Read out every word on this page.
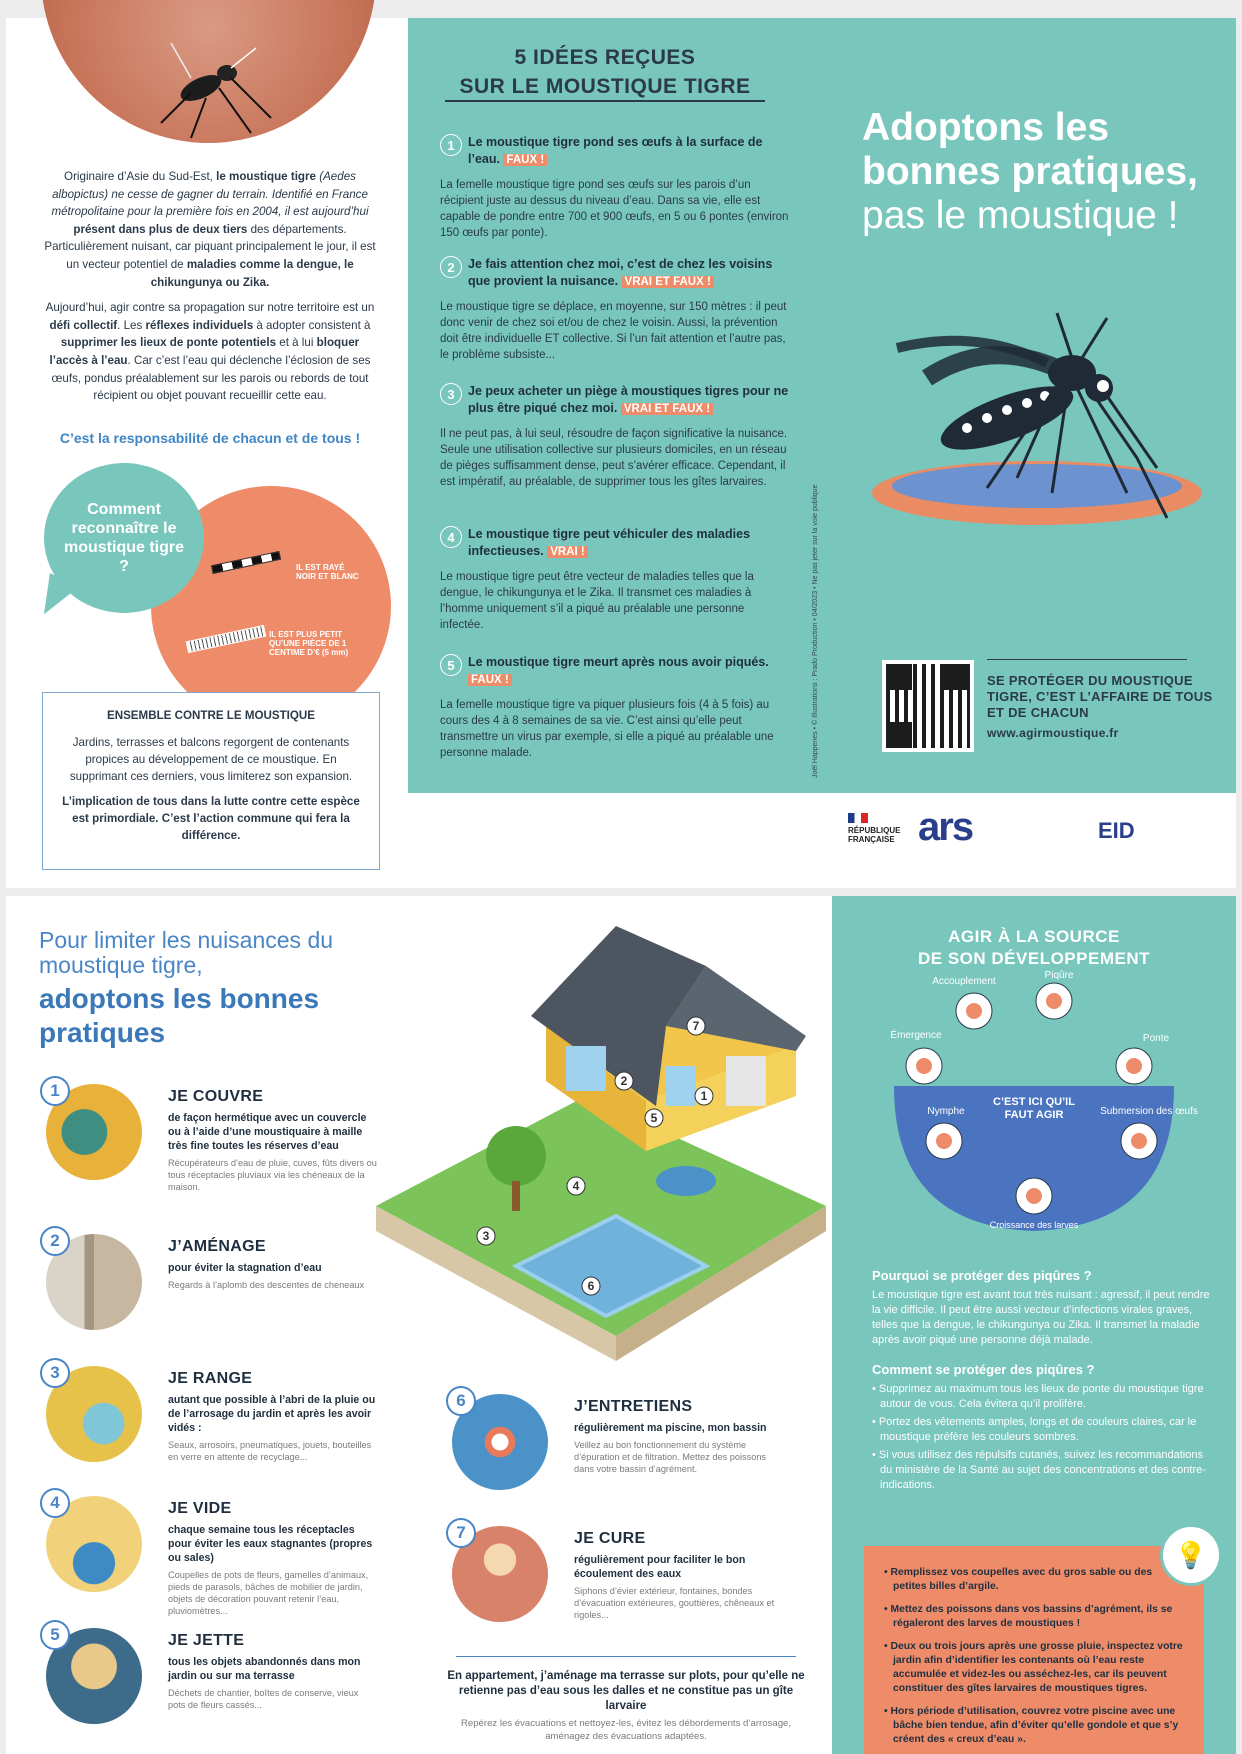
Originaire d’Asie du Sud-Est, le moustique tigre (Aedes albopictus) ne cesse de gagner du terrain. Identifié en France métropolitaine pour la première fois en 2004, il est aujourd’hui présent dans plus de deux tiers des départements. Particulièrement nuisant, car piquant principalement le jour, il est un vecteur potentiel de maladies comme la dengue, le chikungunya ou Zika.

Aujourd’hui, agir contre sa propagation sur notre territoire est un défi collectif. Les réflexes individuels à adopter consistent à supprimer les lieux de ponte potentiels et à lui bloquer l’accès à l’eau. Car c’est l’eau qui déclenche l’éclosion de ses œufs, pondus préalablement sur les parois ou rebords de tout récipient ou objet pouvant recueillir cette eau.

C’est la responsabilité de chacun et de tous !
Comment reconnaître le moustique tigre ?	IL EST RAYÉ NOIR ET BLANC
IL EST PLUS PETIT QU’UNE PIÈCE DE 1 CENTIME D’€ (5 mm)
ENSEMBLE CONTRE LE MOUSTIQUE

Jardins, terrasses et balcons regorgent de contenants propices au développement de ce moustique. En supprimant ces derniers, vous limiterez son expansion.

L’implication de tous dans la lutte contre cette espèce est primordiale. C’est l’action commune qui fera la différence.

5 IDÉES REÇUES
SUR LE MOUSTIQUE TIGRE
1	Le moustique tigre pond ses œufs à la surface de l’eau. FAUX !
La femelle moustique tigre pond ses œufs sur les parois d’un récipient juste au dessus du niveau d’eau. Dans sa vie, elle est capable de pondre entre 700 et 900 œufs, en 5 ou 6 pontes (environ 150 œufs par ponte).
2	Je fais attention chez moi, c’est de chez les voisins que provient la nuisance. VRAI ET FAUX !
Le moustique tigre se déplace, en moyenne, sur 150 mètres : il peut donc venir de chez soi et/ou de chez le voisin. Aussi, la prévention doit être individuelle ET collective. Si l’un fait attention et l’autre pas, le problème subsiste...
3	Je peux acheter un piège à moustiques tigres pour ne plus être piqué chez moi. VRAI ET FAUX !
Il ne peut pas, à lui seul, résoudre de façon significative la nuisance. Seule une utilisation collective sur plusieurs domiciles, en un réseau de pièges suffisamment dense, peut s’avérer efficace. Cependant, il est impératif, au préalable, de supprimer tous les gîtes larvaires.
4	Le moustique tigre peut véhiculer des maladies infectieuses. VRAI !
Le moustique tigre peut être vecteur de maladies telles que la dengue, le chikungunya et le Zika. Il transmet ces maladies à l’homme uniquement s’il a piqué au préalable une personne infectée.
5	Le moustique tigre meurt après nous avoir piqués. FAUX !
La femelle moustique tigre va piquer plusieurs fois (4 à 5 fois) au cours des 4 à 8 semaines de sa vie. C’est ainsi qu’elle peut transmettre un virus par exemple, si elle a piqué au préalable une personne malade.	Joël Happenes • © Illustrations : Prado Production • 04/2023 • Ne pas jeter sur la voie publique
Adoptons les
bonnes pratiques,
pas le moustique !
SE PROTÉGER DU MOUSTIQUE TIGRE, C’EST L’AFFAIRE DE TOUS ET DE CHACUN
www.agirmoustique.fr
RÉPUBLIQUE FRANÇAISE ars	EID
Pour limiter les nuisances du moustique tigre,
adoptons les bonnes pratiques
1	JE COUVRE
de façon hermétique avec un couvercle ou à l’aide d’une moustiquaire à maille très fine toutes les réserves d’eau
Récupérateurs d’eau de pluie, cuves, fûts divers ou tous réceptacles pluviaux via les chéneaux de la maison.
2	J’AMÉNAGE
pour éviter la stagnation d’eau
Regards à l’aplomb des descentes de cheneaux
3	JE RANGE
autant que possible à l’abri de la pluie ou de l’arrosage du jardin et après les avoir vidés :
Seaux, arrosoirs, pneumatiques, jouets, bouteilles en verre en attente de recyclage...
4	JE VIDE
chaque semaine tous les réceptacles pour éviter les eaux stagnantes (propres ou sales)
Coupelles de pots de fleurs, gamelles d’animaux, pieds de parasols, bâches de mobilier de jardin, objets de décoration pouvant retenir l’eau, pluviomètres...
5	JE JETTE
tous les objets abandonnés dans mon jardin ou sur ma terrasse
Déchets de chantier, boîtes de conserve, vieux pots de fleurs cassés...
7
2
5
1
4
3
6
6	J’ENTRETIENS
régulièrement ma piscine, mon bassin
Veillez au bon fonctionnement du système d’épuration et de filtration. Mettez des poissons dans votre bassin d’agrément.
7	JE CURE
régulièrement pour faciliter le bon écoulement des eaux
Siphons d’évier extérieur, fontaines, bondes d’évacuation extérieures, gouttières, chêneaux et rigoles...
En appartement, j’aménage ma terrasse sur plots, pour qu’elle ne retienne pas d’eau sous les dalles et ne constitue pas un gîte larvaire
Repérez les évacuations et nettoyez-les, évitez les débordements d’arrosage, aménagez des évacuations adaptées.
AGIR À LA SOURCE
DE SON DÉVELOPPEMENT
Accouplement
Piqûre
Ponte
Submersion des œufs
Croissance des larves
Nymphe
Émergence
C’EST ICI QU’IL FAUT AGIR
Pourquoi se protéger des piqûres ?

Le moustique tigre est avant tout très nuisant : agressif, il peut rendre la vie difficile. Il peut être aussi vecteur d’infections virales graves, telles que la dengue, le chikungunya ou Zika. Il transmet la maladie après avoir piqué une personne déjà malade.

Comment se protéger des piqûres ?
• Supprimez au maximum tous les lieux de ponte du moustique tigre autour de vous. Cela évitera qu’il prolifère.
• Portez des vêtements amples, longs et de couleurs claires, car le moustique préfère les couleurs sombres.
• Si vous utilisez des répulsifs cutanés, suivez les recommandations du ministère de la Santé au sujet des concentrations et des contre-indications.
• Remplissez vos coupelles avec du gros sable ou des petites billes d’argile.
• Mettez des poissons dans vos bassins d’agrément, ils se régaleront des larves de moustiques !
• Deux ou trois jours après une grosse pluie, inspectez votre jardin afin d’identifier les contenants où l’eau reste accumulée et videz-les ou asséchez-les, car ils peuvent constituer des gîtes larvaires de moustiques tigres.
• Hors période d’utilisation, couvrez votre piscine avec une bâche bien tendue, afin d’éviter qu’elle gondole et que s’y créent des « creux d’eau ».
💡
